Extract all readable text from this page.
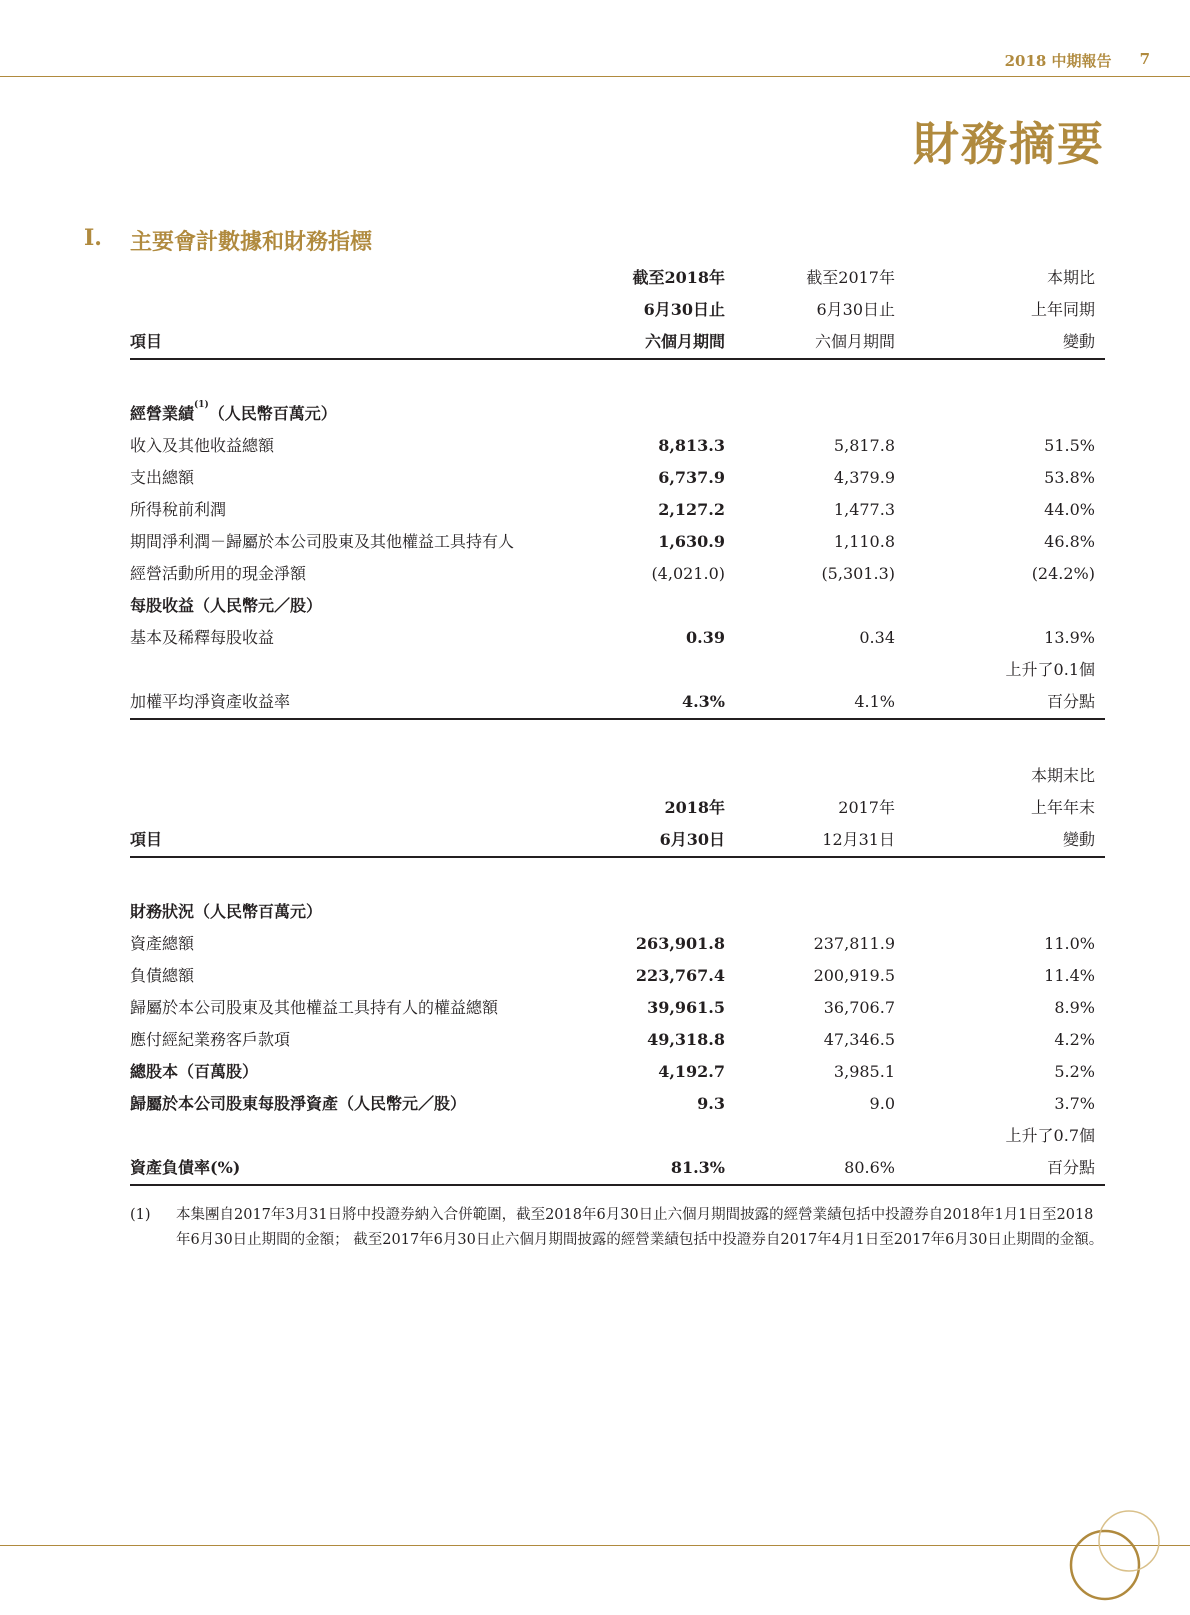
2018 中期報告 7
財務摘要
I.	主要會計數據和財務指標
截至2018年	截至2017年	本期比
6月30日止	6月30日止	上年同期
項目	六個月期間	六個月期間	變動
經營業績$^{(1)}$（人民幣百萬元）
收入及其他收益總額	8,813.3	5,817.8	51.5%
支出總額	6,737.9	4,379.9	53.8%
所得稅前利潤	2,127.2	1,477.3	44.0%
期間淨利潤－歸屬於本公司股東及其他權益工具持有人	1,630.9	1,110.8	46.8%
經營活動所用的現金淨額	(4,021.0)	(5,301.3)	(24.2%)
每股收益（人民幣元／股）
基本及稀釋每股收益	0.39	0.34	13.9%
上升了0.1個
加權平均淨資產收益率	4.3%	4.1%	百分點
本期末比
2018年	2017年	上年年末
項目	6月30日	12月31日	變動
財務狀況（人民幣百萬元）
資產總額	263,901.8	237,811.9	11.0%
負債總額	223,767.4	200,919.5	11.4%
歸屬於本公司股東及其他權益工具持有人的權益總額	39,961.5	36,706.7	8.9%
應付經紀業務客戶款項	49,318.8	47,346.5	4.2%
總股本（百萬股）	4,192.7	3,985.1	5.2%
歸屬於本公司股東每股淨資產（人民幣元／股）	9.3	9.0	3.7%
上升了0.7個
資產負債率(%)	81.3%	80.6%	百分點
(1)	本集團自2017年3月31日將中投證券納入合併範圍，截至2018年6月30日止六個月期間披露的經營業績包括中投證券自2018年1月1日至2018年6月30日止期間的金額； 截至2017年6月30日止六個月期間披露的經營業績包括中投證券自2017年4月1日至2017年6月30日止期間的金額。
